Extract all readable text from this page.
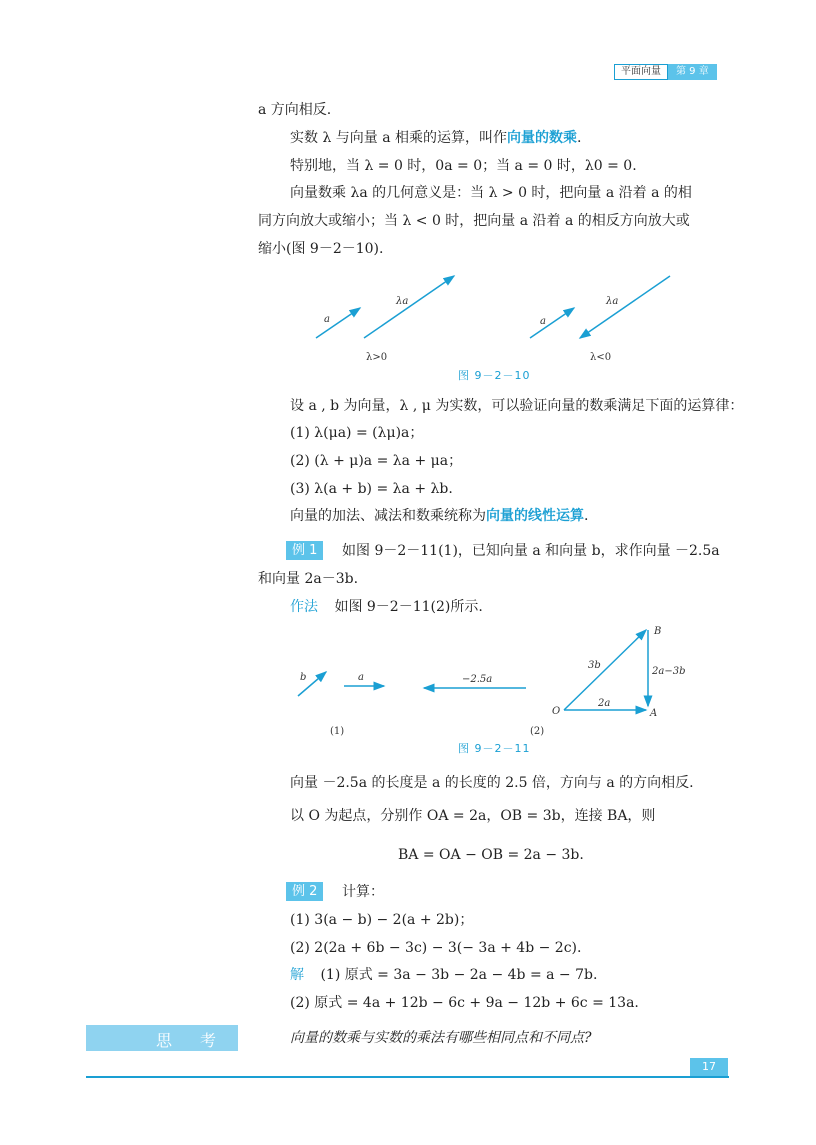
平面向量	第 9 章
a 方向相反.
实数 λ 与向量 a 相乘的运算，叫作向量的数乘.
特别地，当 λ = 0 时，0a = 0；当 a = 0 时，λ0 = 0.
向量数乘 λa 的几何意义是：当 λ > 0 时，把向量 a 沿着 a 的相
同方向放大或缩小；当 λ < 0 时，把向量 a 沿着 a 的相反方向放大或
缩小(图 9－2－10).
a
λa
λ>0
a
λa
λ<0
图 9－2－10
设 a , b 为向量，λ , μ 为实数，可以验证向量的数乘满足下面的运算律：
(1) λ(μa) = (λμ)a；
(2) (λ + μ)a = λa + μa；
(3) λ(a + b) = λa + λb.
向量的加法、减法和数乘统称为向量的线性运算.
例 1	如图 9－2－11(1)，已知向量 a 和向量 b，求作向量 －2.5a
和向量 2a－3b.
作法 如图 9－2－11(2)所示.
b	a	−2.5a
(1)
O	A
B
3b
2a
2a−3b
(2)
图 9－2－11
向量 －2.5a 的长度是 a 的长度的 2.5 倍，方向与 a 的方向相反.
以 O 为起点，分别作 OA = 2a，OB = 3b，连接 BA，则
BA = OA − OB = 2a − 3b.
例 2	计算：
(1) 3(a − b) − 2(a + 2b)；
(2) 2(2a + 6b − 3c) − 3(− 3a + 4b − 2c).
解 (1) 原式 = 3a − 3b − 2a − 4b = a − 7b.
(2) 原式 = 4a + 12b − 6c + 9a − 12b + 6c = 13a.
思　考	向量的数乘与实数的乘法有哪些相同点和不同点?
17
